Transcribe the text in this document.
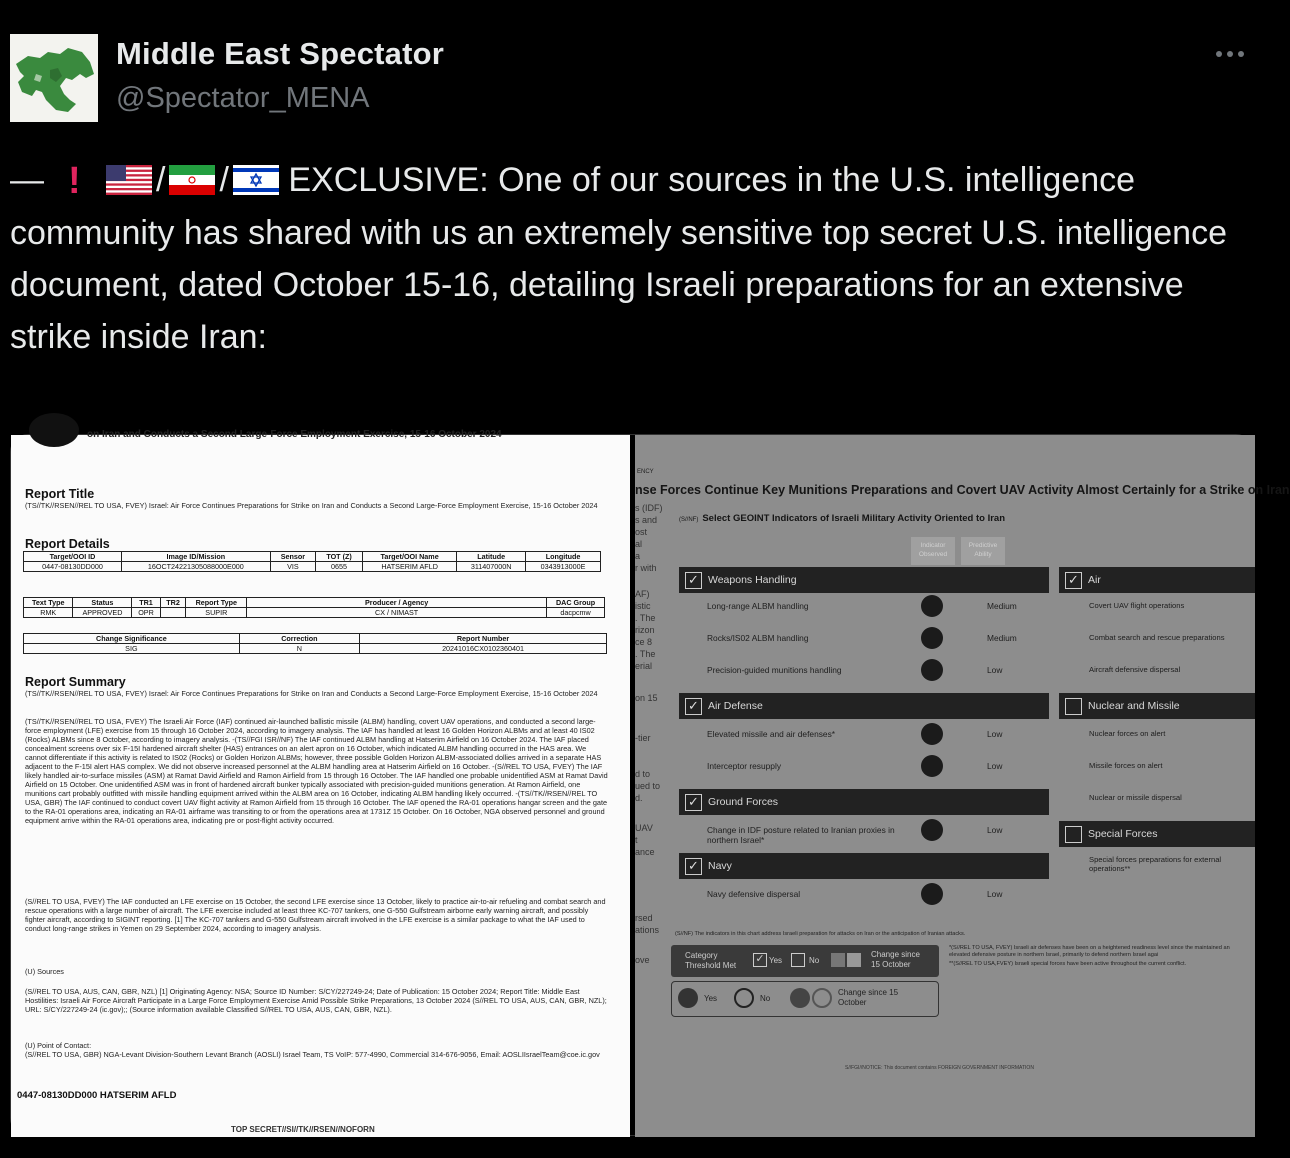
Middle East Spectator
@Spectator_MENA
— ! / / EXCLUSIVE: One of our sources in the U.S. intelligence community has shared with us an extremely sensitive top secret U.S. intelligence document, dated October 15-16, detailing Israeli preparations for an extensive strike inside Iran:
on Iran and Conducts a Second Large-Force Employment Exercise, 15-16 October 2024
Report Title
(TS//TK//RSEN//REL TO USA, FVEY) Israel: Air Force Continues Preparations for Strike on Iran and Conducts a Second Large-Force Employment Exercise, 15-16 October 2024
Report Details
Target/OOI ID	Image ID/Mission	Sensor	TOT (Z)	Target/OOI Name	Latitude	Longitude
0447-08130DD000	16OCT24221305088000E000	VIS	0655	HATSERIM AFLD	311407000N	0343913000E
Text Type	Status	TR1	TR2	Report Type	Producer / Agency	DAC Group
RMK	APPROVED	OPR		SUPIR	CX / NIMAST	dacpcmw
Change Significance	Correction	Report Number
SIG	N	20241016CX0102360401
Report Summary
(TS//TK//RSEN//REL TO USA, FVEY) Israel: Air Force Continues Preparations for Strike on Iran and Conducts a Second Large-Force Employment Exercise, 15-16 October 2024
(TS//TK//RSEN//REL TO USA, FVEY) The Israeli Air Force (IAF) continued air-launched ballistic missile (ALBM) handling, covert UAV operations, and conducted a second large-force employment (LFE) exercise from 15 through 16 October 2024, according to imagery analysis. The IAF has handled at least 16 Golden Horizon ALBMs and at least 40 IS02 (Rocks) ALBMs since 8 October, according to imagery analysis. -(TS//FGI ISR//NF) The IAF continued ALBM handling at Hatserim Airfield on 16 October 2024. The IAF placed concealment screens over six F-15I hardened aircraft shelter (HAS) entrances on an alert apron on 16 October, which indicated ALBM handling occurred in the HAS area. We cannot differentiate if this activity is related to IS02 (Rocks) or Golden Horizon ALBMs; however, three possible Golden Horizon ALBM-associated dollies arrived in a separate HAS adjacent to the F-15I alert HAS complex. We did not observe increased personnel at the ALBM handling area at Hatserim Airfield on 16 October. -(S//REL TO USA, FVEY) The IAF likely handled air-to-surface missiles (ASM) at Ramat David Airfield and Ramon Airfield from 15 through 16 October. The IAF handled one probable unidentified ASM at Ramat David Airfield on 15 October. One unidentified ASM was in front of hardened aircraft bunker typically associated with precision-guided munitions generation. At Ramon Airfield, one munitions cart probably outfitted with missile handling equipment arrived within the ALBM area on 16 October, indicating ALBM handling likely occurred. -(TS//TK//RSEN//REL TO USA, GBR) The IAF continued to conduct covert UAV flight activity at Ramon Airfield from 15 through 16 October. The IAF opened the RA-01 operations hangar screen and the gate to the RA-01 operations area, indicating an RA-01 airframe was transiting to or from the operations area at 1731Z 15 October. On 16 October, NGA observed personnel and ground equipment arrive within the RA-01 operations area, indicating pre or post-flight activity occurred.
(S//REL TO USA, FVEY) The IAF conducted an LFE exercise on 15 October, the second LFE exercise since 13 October, likely to practice air-to-air refueling and combat search and rescue operations with a large number of aircraft. The LFE exercise included at least three KC-707 tankers, one G-550 Gulfstream airborne early warning aircraft, and possibly fighter aircraft, according to SIGINT reporting. [1] The KC-707 tankers and G-550 Gulfstream aircraft involved in the LFE exercise is a similar package to what the IAF used to conduct long-range strikes in Yemen on 29 September 2024, according to imagery analysis.
(U) Sources
(S//REL TO USA, AUS, CAN, GBR, NZL) [1] Originating Agency: NSA; Source ID Number: S/CY/227249-24; Date of Publication: 15 October 2024; Report Title: Middle East Hostilities: Israeli Air Force Aircraft Participate in a Large Force Employment Exercise Amid Possible Strike Preparations, 13 October 2024 (S//REL TO USA, AUS, CAN, GBR, NZL); URL: S/CY/227249-24 (ic.gov);; (Source information available Classified S//REL TO USA, AUS, CAN, GBR, NZL).
(U) Point of Contact:
(S//REL TO USA, GBR) NGA-Levant Division-Southern Levant Branch (AOSLI) Israel Team, TS VoIP: 577-4990, Commercial 314-676-9056, Email: AOSLIIsraelTeam@coe.ic.gov
0447-08130DD000 HATSERIM AFLD
TOP SECRET//SI//TK//RSEN//NOFORN
ENCY
nse Forces Continue Key Munitions Preparations and Covert UAV Activity Almost Certainly for a Strike on Iran
(S//NF) Select GEOINT Indicators of Israeli Military Activity Oriented to Iran
s (IDF)
s and
ost
al
a
r with
AF)
istic
. The
rizon
ce 8
. The
erial
on 15
-tier
d to
ued to
d.
UAV
t
ance
rsed
ations
ove
Indicator Observed
Predictive Ability
✓ Weapons Handling
Long-range ALBM handling	Medium
Rocks/IS02 ALBM handling	Medium
Precision-guided munitions handling	Low
✓ Air Defense
Elevated missile and air defenses*	Low
Interceptor resupply	Low
✓ Ground Forces
Change in IDF posture related to Iranian proxies in northern Israel*
Low
✓ Navy
Navy defensive dispersal	Low
✓ Air
Covert UAV flight operations
Combat search and rescue preparations
Aircraft defensive dispersal
Nuclear and Missile
Nuclear forces on alert
Missile forces on alert
Nuclear or missile dispersal
Special Forces
Special forces preparations for external operations**
(S//NF) The indicators in this chart address Israeli preparation for attacks on Iran or the anticipation of Iranian attacks.
Category Threshold Met
✓ Yes	No
Change since 15 October
Yes	No
Change since 15 October
*(S//REL TO USA, FVEY) Israeli air defenses have been on a heightened readiness level since the maintained an elevated defensive posture in northern Israel, primarily to defend northern Israel agai
**(S//REL TO USA,FVEY) Israeli special forces have been active throughout the current conflict.
S//FGI//NOTICE: This document contains FOREIGN GOVERNMENT INFORMATION
